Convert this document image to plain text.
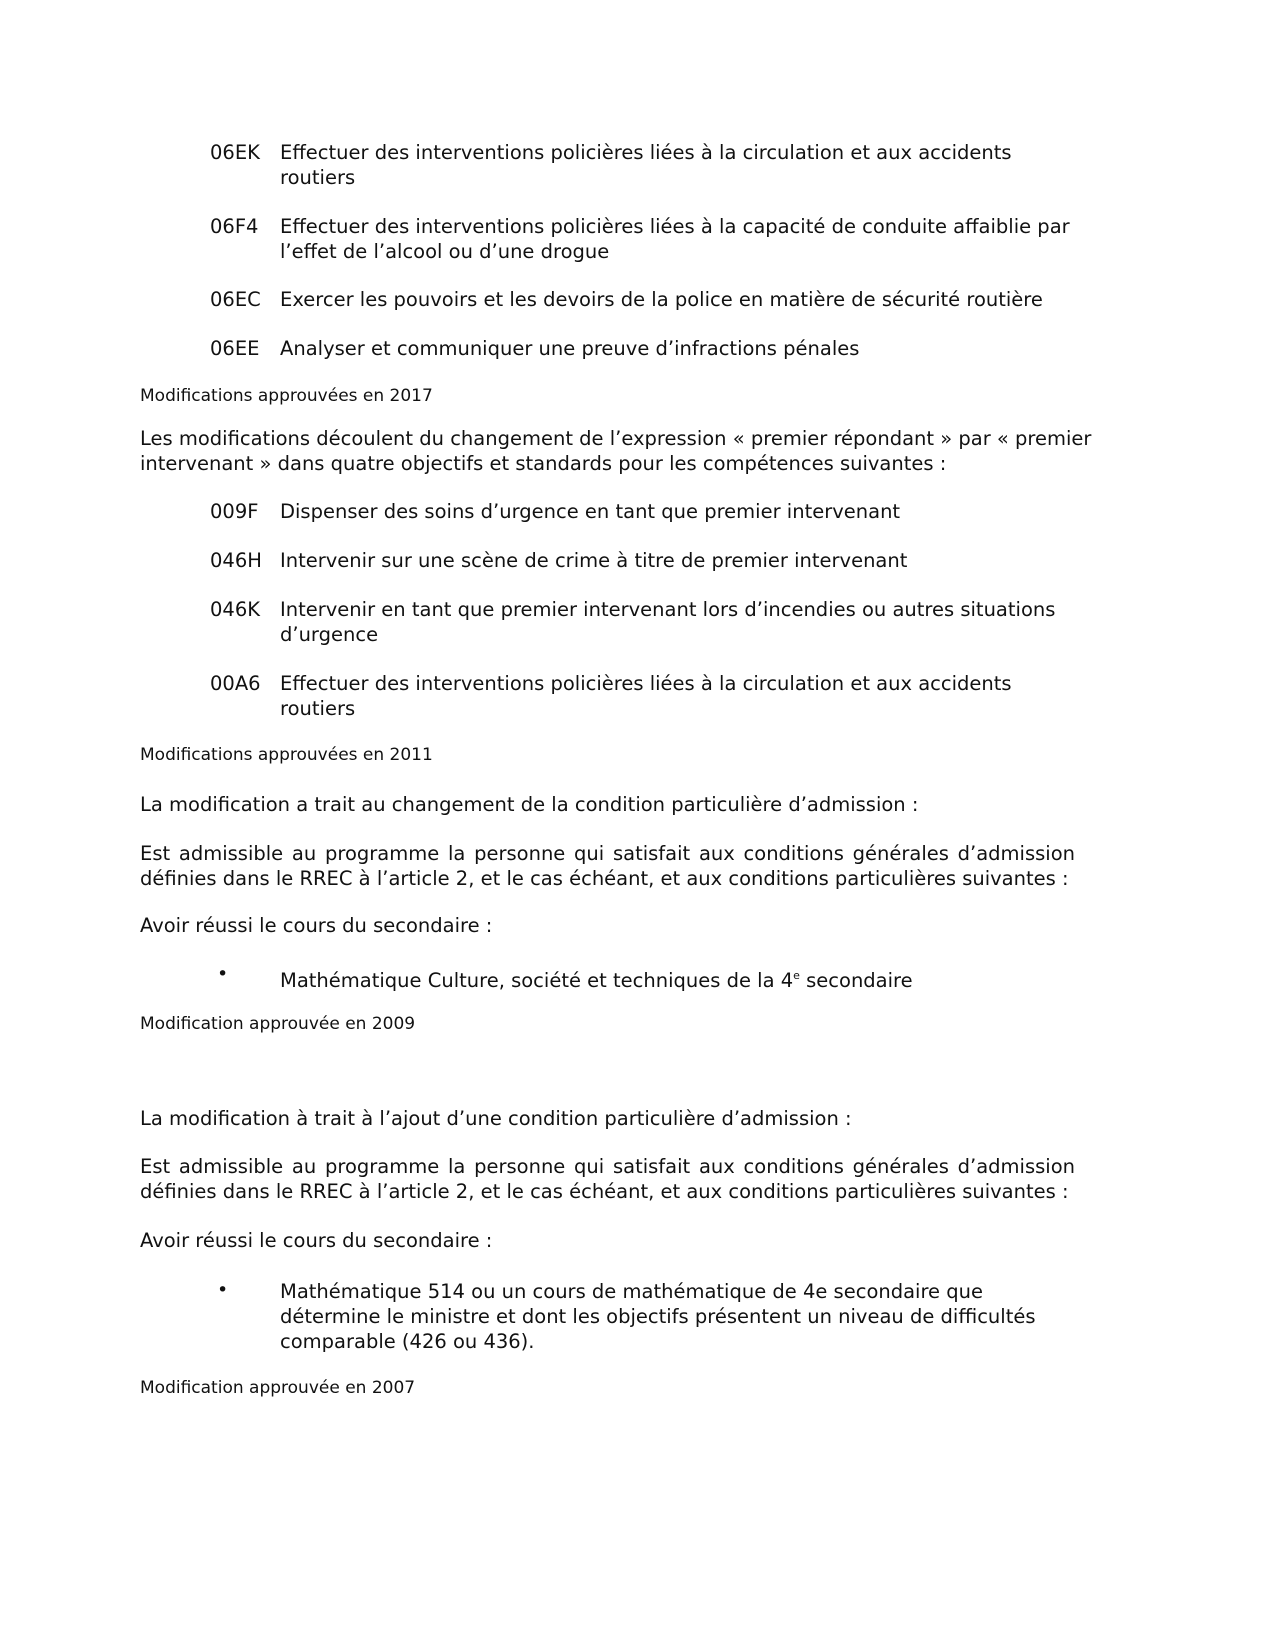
06EK Effectuer des interventions policières liées à la circulation et aux accidents
routiers
06F4 Effectuer des interventions policières liées à la capacité de conduite affaiblie par
l’effet de l’alcool ou d’une drogue
06EC Exercer les pouvoirs et les devoirs de la police en matière de sécurité routière
06EE Analyser et communiquer une preuve d’infractions pénales
Modifications approuvées en 2017
Les modifications découlent du changement de l’expression « premier répondant » par « premier
intervenant » dans quatre objectifs et standards pour les compétences suivantes :
009F Dispenser des soins d’urgence en tant que premier intervenant
046H Intervenir sur une scène de crime à titre de premier intervenant
046K Intervenir en tant que premier intervenant lors d’incendies ou autres situations
d’urgence
00A6 Effectuer des interventions policières liées à la circulation et aux accidents
routiers
Modifications approuvées en 2011
La modification a trait au changement de la condition particulière d’admission :
Est admissible au programme la personne qui satisfait aux conditions générales d’admission
définies dans le RREC à l’article 2, et le cas échéant, et aux conditions particulières suivantes :
Avoir réussi le cours du secondaire :
•	Mathématique Culture, société et techniques de la 4e secondaire
Modification approuvée en 2009
La modification à trait à l’ajout d’une condition particulière d’admission :
Est admissible au programme la personne qui satisfait aux conditions générales d’admission
définies dans le RREC à l’article 2, et le cas échéant, et aux conditions particulières suivantes :
Avoir réussi le cours du secondaire :
•	Mathématique 514 ou un cours de mathématique de 4e secondaire que
détermine le ministre et dont les objectifs présentent un niveau de difficultés
comparable (426 ou 436).
Modification approuvée en 2007
